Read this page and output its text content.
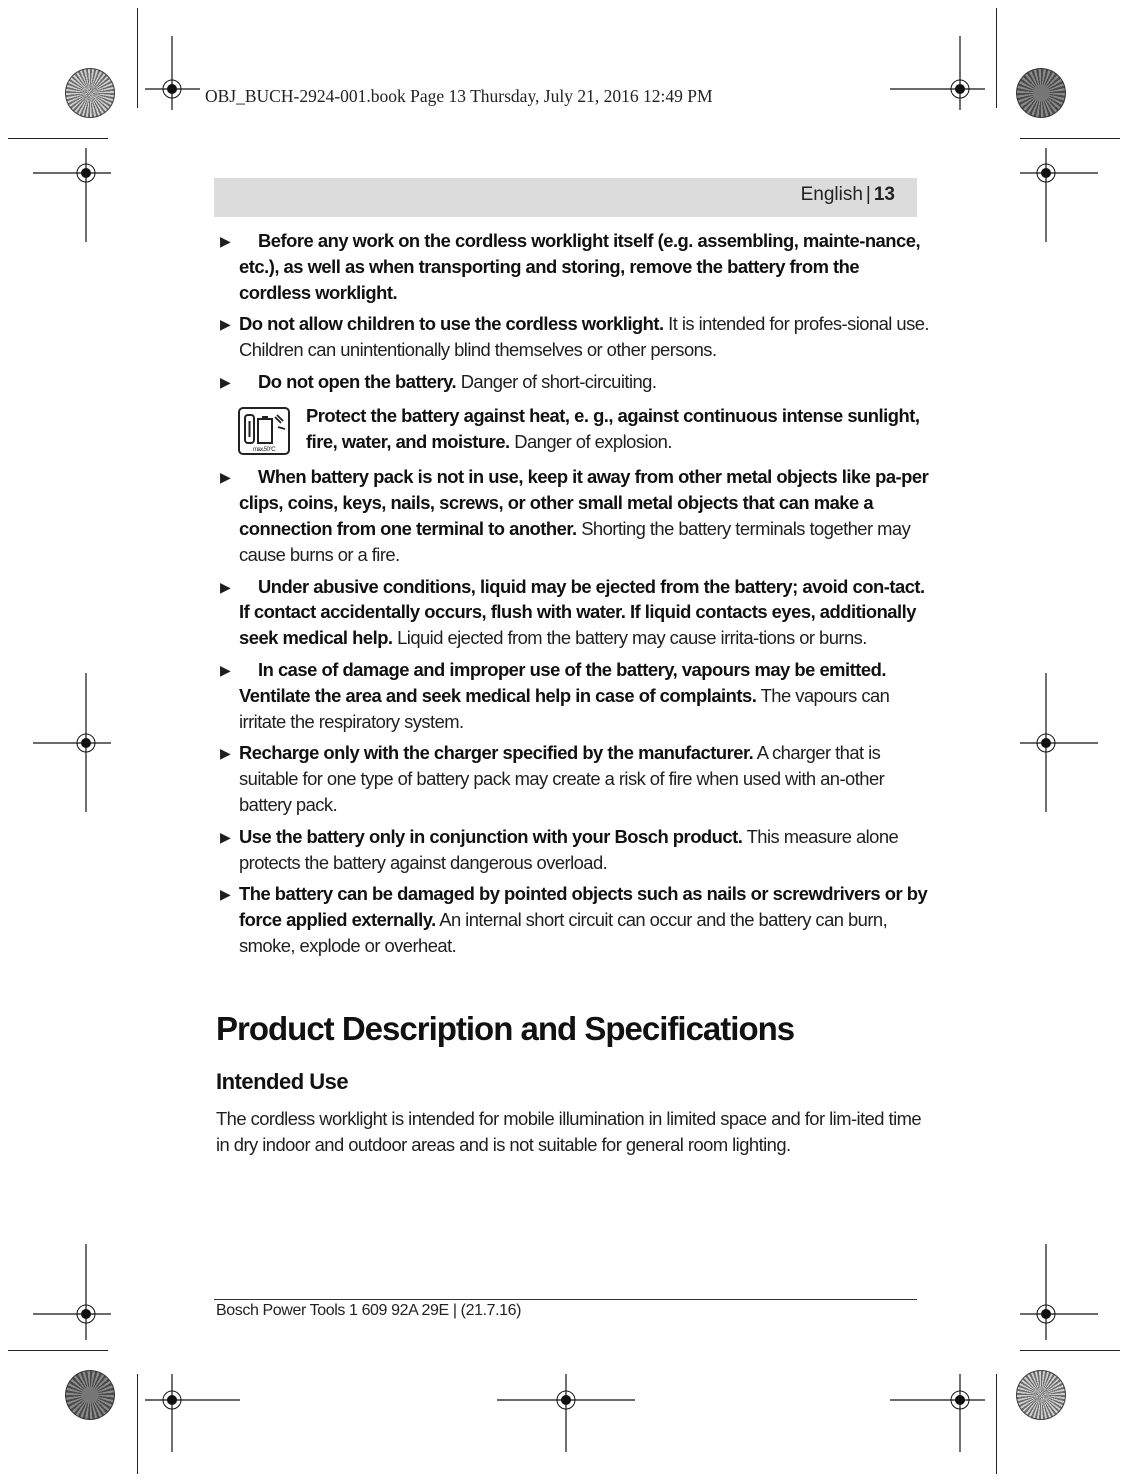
OBJ_BUCH-2924-001.book Page 13 Thursday, July 21, 2016 12:49 PM
English | 13
▶ Before any work on the cordless worklight itself (e.g. assembling, mainte-nance, etc.), as well as when transporting and storing, remove the battery from the cordless worklight.
▶ Do not allow children to use the cordless worklight. It is intended for profes-sional use. Children can unintentionally blind themselves or other persons.
▶ Do not open the battery. Danger of short-circuiting.
max.50°C
Protect the battery against heat, e. g., against continuous intense sunlight, fire, water, and moisture. Danger of explosion.
▶ When battery pack is not in use, keep it away from other metal objects like pa-per clips, coins, keys, nails, screws, or other small metal objects that can make a connection from one terminal to another. Shorting the battery terminals together may cause burns or a fire.
▶ Under abusive conditions, liquid may be ejected from the battery; avoid con-tact. If contact accidentally occurs, flush with water. If liquid contacts eyes, additionally seek medical help. Liquid ejected from the battery may cause irrita-tions or burns.
▶ In case of damage and improper use of the battery, vapours may be emitted. Ventilate the area and seek medical help in case of complaints. The vapours can irritate the respiratory system.
▶ Recharge only with the charger specified by the manufacturer. A charger that is suitable for one type of battery pack may create a risk of fire when used with an-other battery pack.
▶ Use the battery only in conjunction with your Bosch product. This measure alone protects the battery against dangerous overload.
▶ The battery can be damaged by pointed objects such as nails or screwdrivers or by force applied externally. An internal short circuit can occur and the battery can burn, smoke, explode or overheat.
Product Description and Specifications
Intended Use
The cordless worklight is intended for mobile illumination in limited space and for lim-ited time in dry indoor and outdoor areas and is not suitable for general room lighting.
Bosch Power Tools 1 609 92A 29E | (21.7.16)
